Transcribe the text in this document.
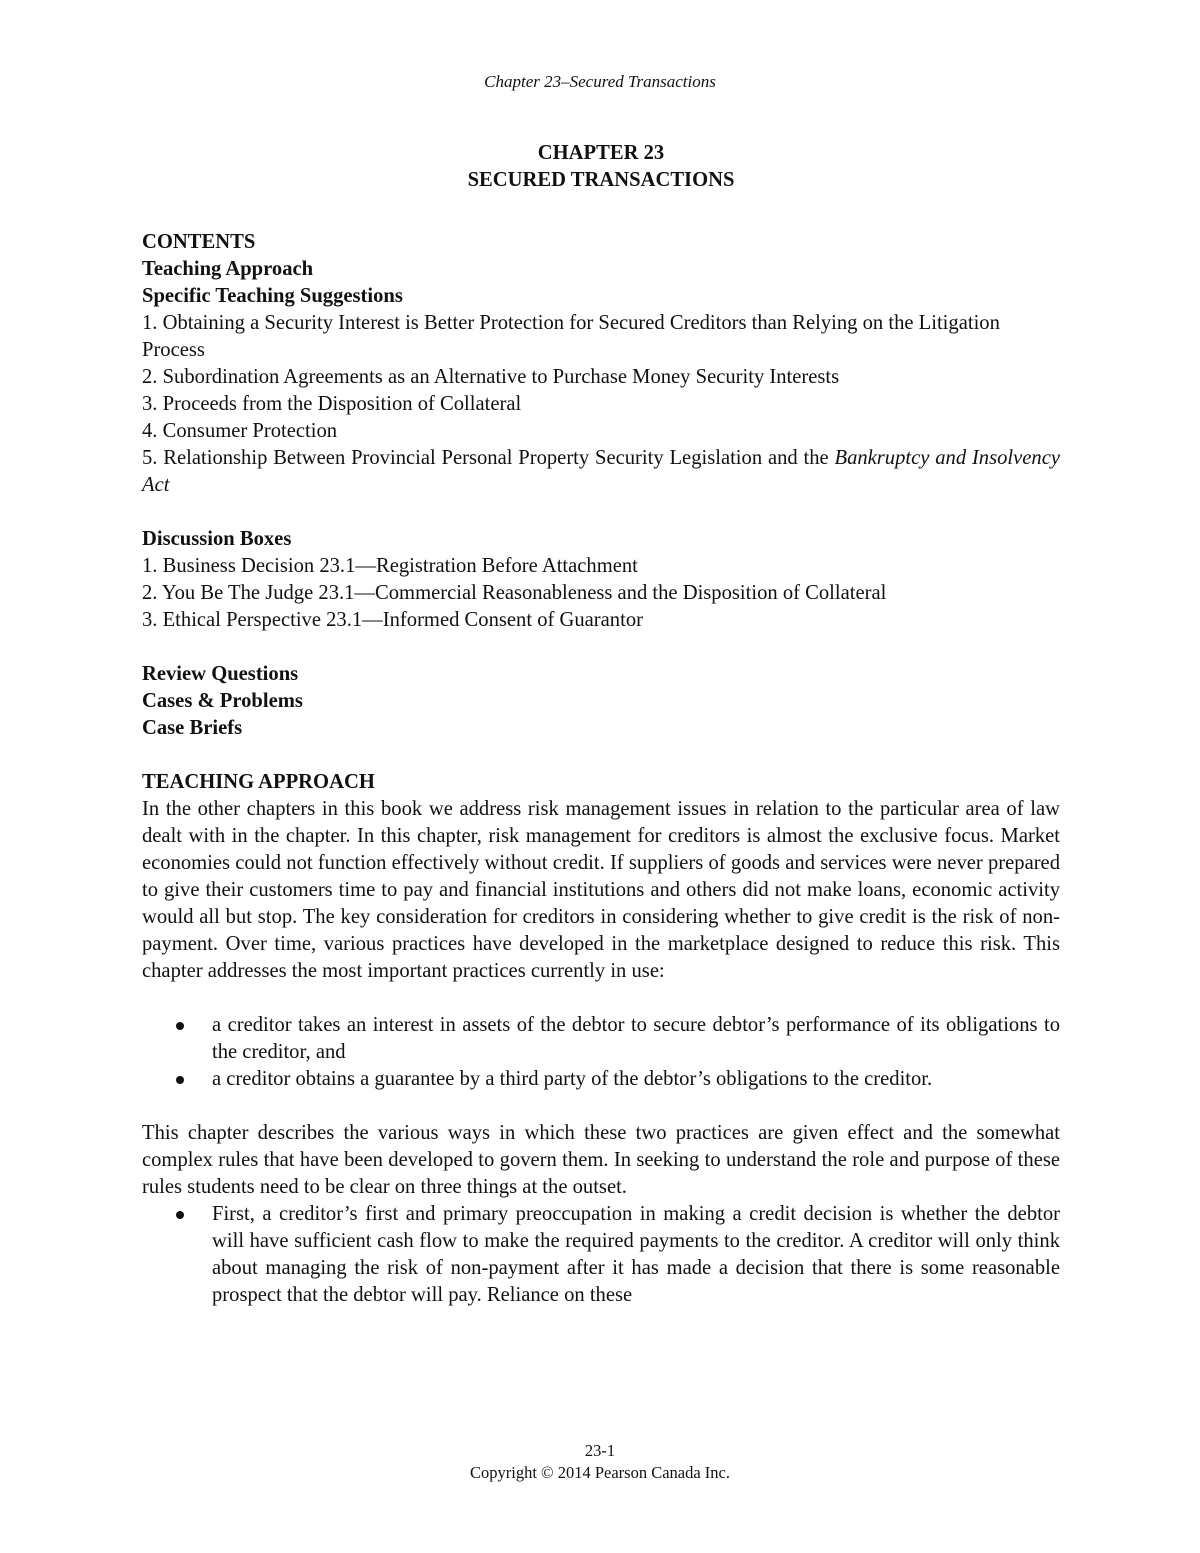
Chapter 23–Secured Transactions
CHAPTER 23
SECURED TRANSACTIONS
CONTENTS
Teaching Approach
Specific Teaching Suggestions
1. Obtaining a Security Interest is Better Protection for Secured Creditors than Relying on the Litigation Process
2. Subordination Agreements as an Alternative to Purchase Money Security Interests
3. Proceeds from the Disposition of Collateral
4. Consumer Protection
5. Relationship Between Provincial Personal Property Security Legislation and the Bankruptcy and Insolvency Act
Discussion Boxes
1. Business Decision 23.1—Registration Before Attachment
2. You Be The Judge 23.1—Commercial Reasonableness and the Disposition of Collateral
3. Ethical Perspective 23.1—Informed Consent of Guarantor
Review Questions
Cases & Problems
Case Briefs
TEACHING APPROACH
In the other chapters in this book we address risk management issues in relation to the particular area of law dealt with in the chapter. In this chapter, risk management for creditors is almost the exclusive focus. Market economies could not function effectively without credit. If suppliers of goods and services were never prepared to give their customers time to pay and financial institutions and others did not make loans, economic activity would all but stop. The key consideration for creditors in considering whether to give credit is the risk of non-payment. Over time, various practices have developed in the marketplace designed to reduce this risk. This chapter addresses the most important practices currently in use:
a creditor takes an interest in assets of the debtor to secure debtor’s performance of its obligations to the creditor, and
a creditor obtains a guarantee by a third party of the debtor’s obligations to the creditor.
This chapter describes the various ways in which these two practices are given effect and the somewhat complex rules that have been developed to govern them. In seeking to understand the role and purpose of these rules students need to be clear on three things at the outset.
First, a creditor’s first and primary preoccupation in making a credit decision is whether the debtor will have sufficient cash flow to make the required payments to the creditor. A creditor will only think about managing the risk of non-payment after it has made a decision that there is some reasonable prospect that the debtor will pay. Reliance on these
23-1
Copyright © 2014 Pearson Canada Inc.
